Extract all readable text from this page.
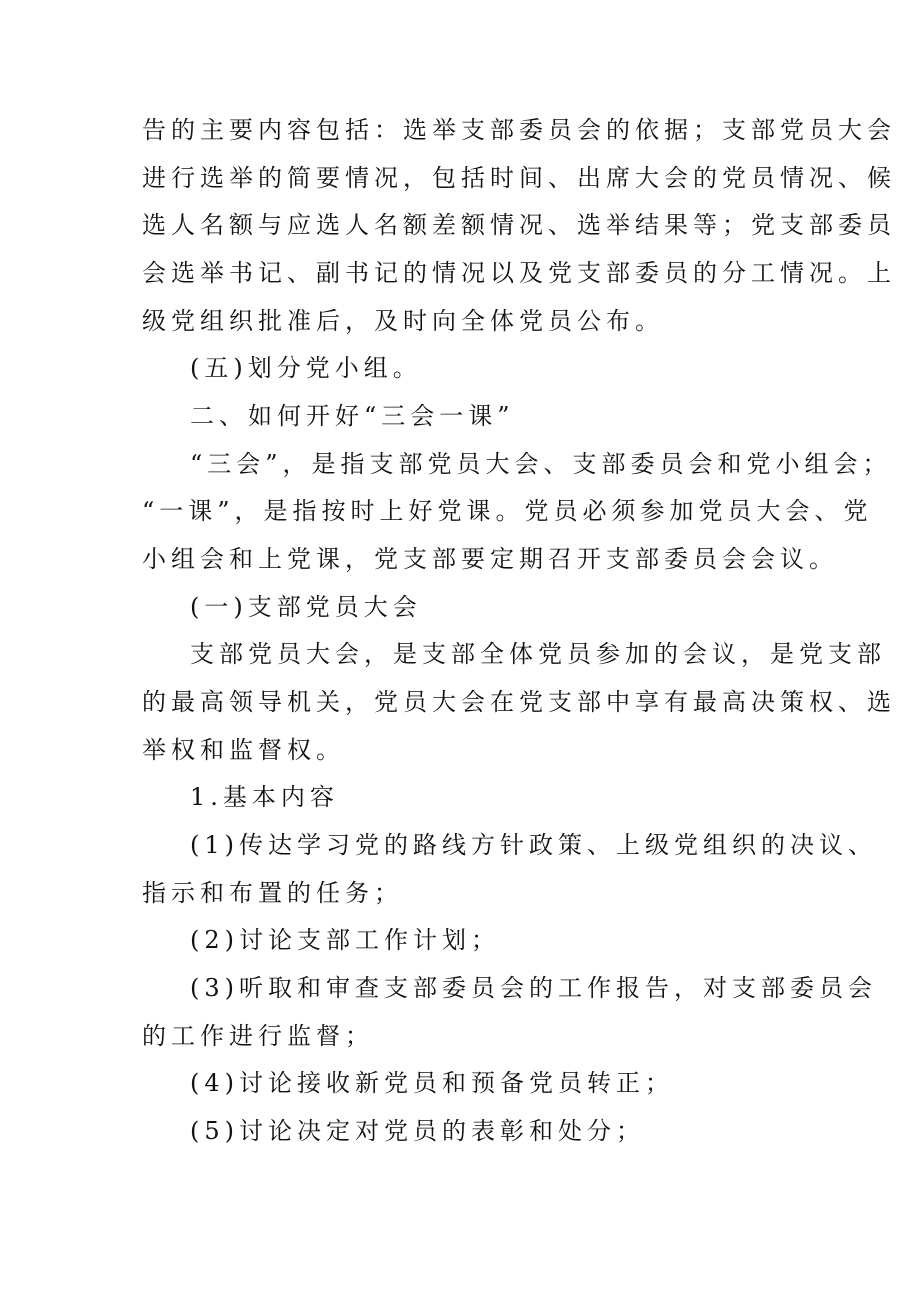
告的主要内容包括：选举支部委员会的依据；支部党员大会
进行选举的简要情况，包括时间、出席大会的党员情况、候
选人名额与应选人名额差额情况、选举结果等；党支部委员
会选举书记、副书记的情况以及党支部委员的分工情况。上
级党组织批准后，及时向全体党员公布。
(五)划分党小组。
二、如何开好“三会一课”
“三会”，是指支部党员大会、支部委员会和党小组会；
“一课”，是指按时上好党课。党员必须参加党员大会、党
小组会和上党课，党支部要定期召开支部委员会会议。
(一)支部党员大会
支部党员大会，是支部全体党员参加的会议，是党支部
的最高领导机关，党员大会在党支部中享有最高决策权、选
举权和监督权。
1.基本内容
(1)传达学习党的路线方针政策、上级党组织的决议、
指示和布置的任务；
(2)讨论支部工作计划；
(3)听取和审查支部委员会的工作报告，对支部委员会
的工作进行监督；
(4)讨论接收新党员和预备党员转正；
(5)讨论决定对党员的表彰和处分；
